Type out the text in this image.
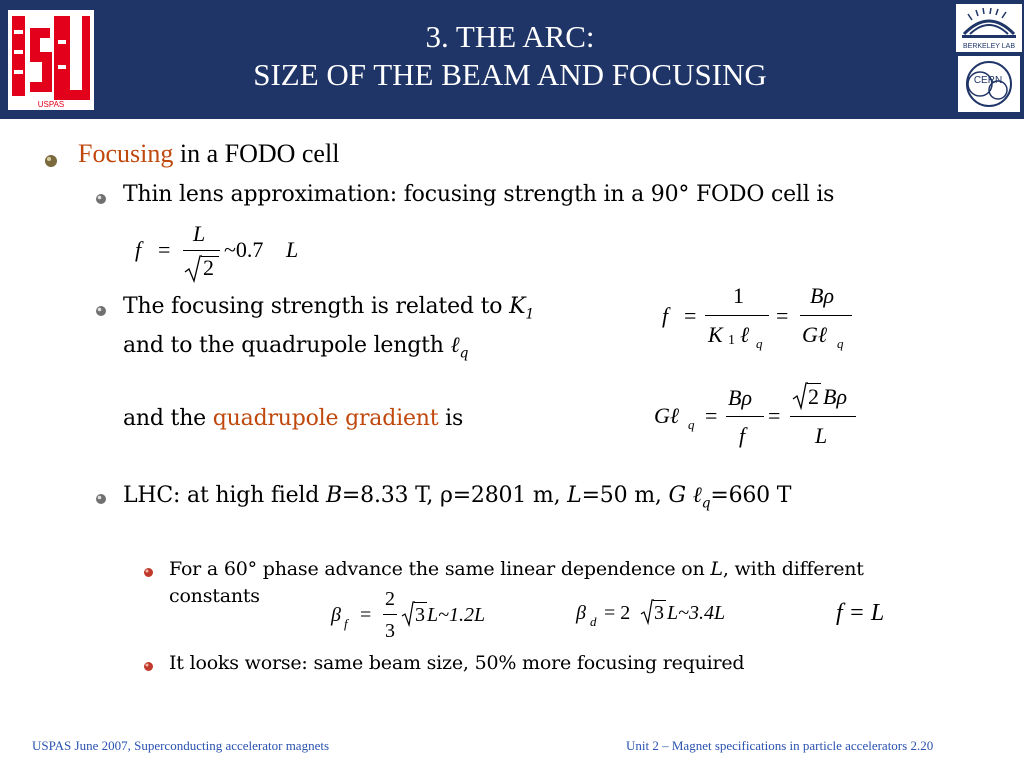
USPAS
3. THE ARC:
SIZE OF THE BEAM AND FOCUSING
BERKELEY LAB
CERN
Focusing in a FODO cell
Thin lens approximation: focusing strength in a 90° FODO cell is
f =
L
2
~0.7 L
The focusing strength is related to $K_1$
and to the quadrupole length ℓ$_q$
f =
1
K 1 ℓ q
=
Bρ
Gℓ q
and the quadrupole gradient is	Gℓ q =
Bρ
f
=
2 Bρ
L
LHC: at high field B=8.33 T, ρ=2801 m, L=50 m, G ℓ$_q$=660 T
For a 60° phase advance the same linear dependence on L, with different
constants
β f =
2
3
3 L~1.2L	β d = 2 3 L~3.4L	f = L
It looks worse: same beam size, 50% more focusing required
USPAS June 2007, Superconducting accelerator magnets	Unit 2 – Magnet specifications in particle accelerators 2.20
